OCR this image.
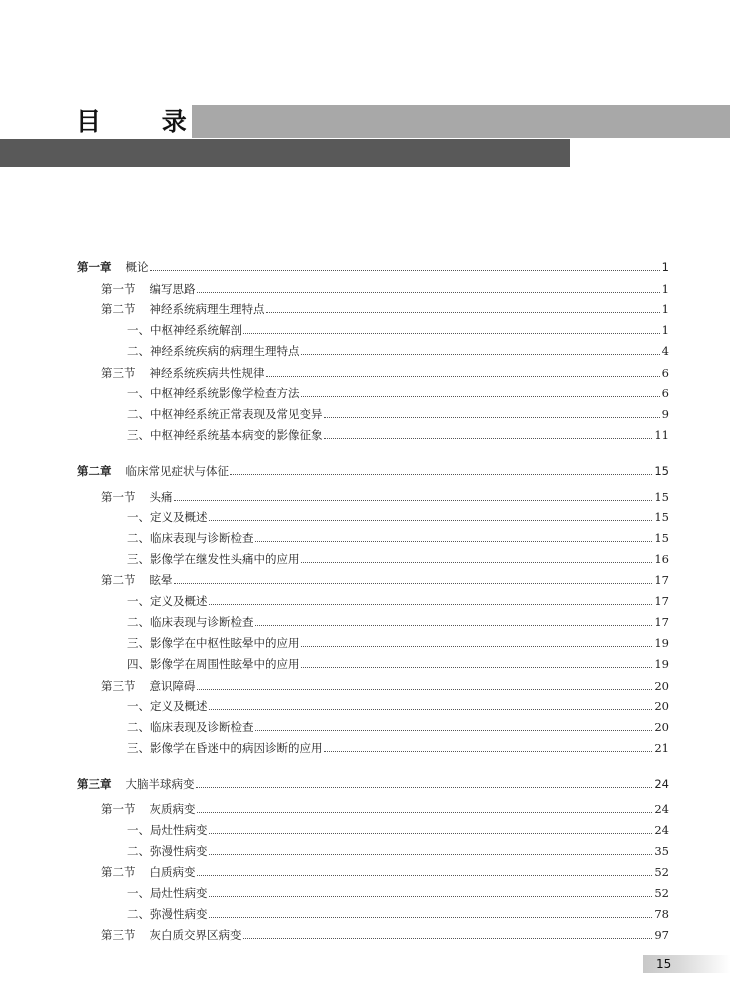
目 录
第一章 概论	1
第一节 编写思路	1
第二节 神经系统病理生理特点	1
一、中枢神经系统解剖	1
二、神经系统疾病的病理生理特点	4
第三节 神经系统疾病共性规律	6
一、中枢神经系统影像学检查方法	6
二、中枢神经系统正常表现及常见变异	9
三、中枢神经系统基本病变的影像征象	11
第二章 临床常见症状与体征	15
第一节 头痛	15
一、定义及概述	15
二、临床表现与诊断检查	15
三、影像学在继发性头痛中的应用	16
第二节 眩晕	17
一、定义及概述	17
二、临床表现与诊断检查	17
三、影像学在中枢性眩晕中的应用	19
四、影像学在周围性眩晕中的应用	19
第三节 意识障碍	20
一、定义及概述	20
二、临床表现及诊断检查	20
三、影像学在昏迷中的病因诊断的应用	21
第三章 大脑半球病变	24
第一节 灰质病变	24
一、局灶性病变	24
二、弥漫性病变	35
第二节 白质病变	52
一、局灶性病变	52
二、弥漫性病变	78
第三节 灰白质交界区病变	97
15
